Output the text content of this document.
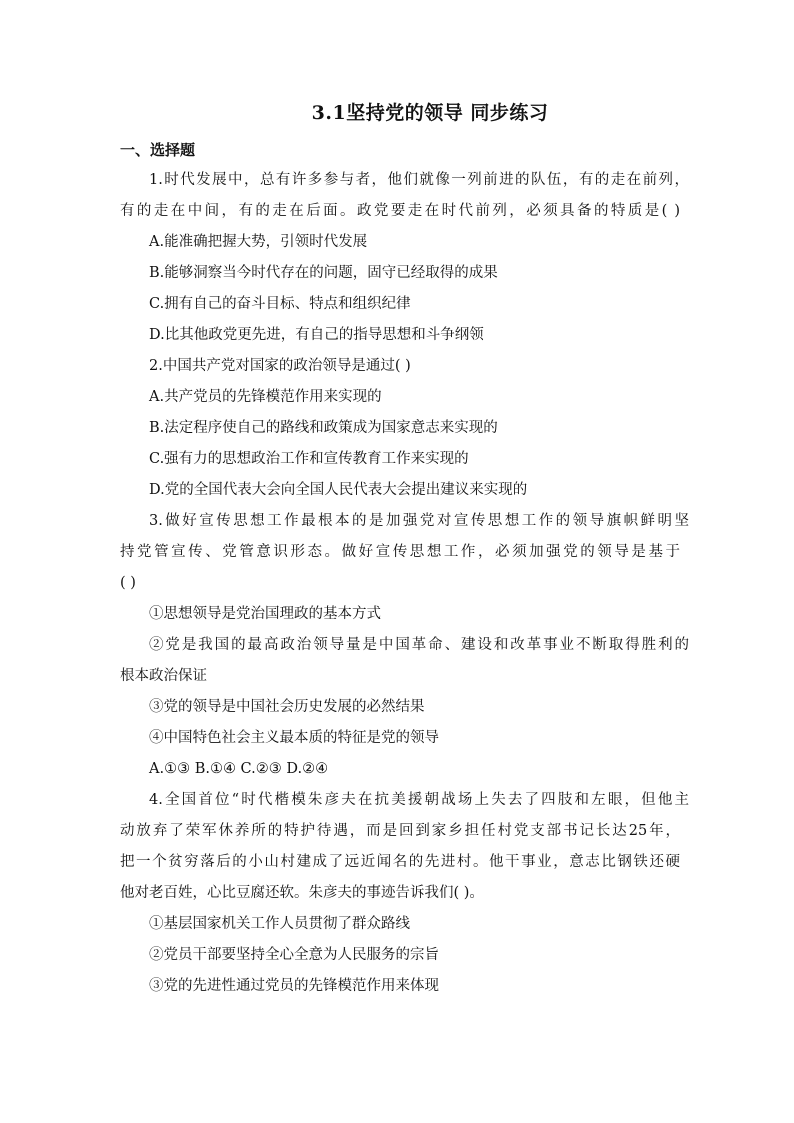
3.1坚持党的领导 同步练习
一、选择题
1.时代发展中，总有许多参与者，他们就像一列前进的队伍，有的走在前列，
有的走在中间，有的走在后面。政党要走在时代前列，必须具备的特质是( )
A.能准确把握大势，引领时代发展
B.能够洞察当今时代存在的问题，固守已经取得的成果
C.拥有自己的奋斗目标、特点和组织纪律
D.比其他政党更先进，有自己的指导思想和斗争纲领
2.中国共产党对国家的政治领导是通过( )
A.共产党员的先锋模范作用来实现的
B.法定程序使自己的路线和政策成为国家意志来实现的
C.强有力的思想政治工作和宣传教育工作来实现的
D.党的全国代表大会向全国人民代表大会提出建议来实现的
3.做好宣传思想工作最根本的是加强党对宣传思想工作的领导旗帜鲜明坚
持党管宣传、党管意识形态。做好宣传思想工作，必须加强党的领导是基于
( )
①思想领导是党治国理政的基本方式
②党是我国的最高政治领导量是中国革命、建设和改革事业不断取得胜利的
根本政治保证
③党的领导是中国社会历史发展的必然结果
④中国特色社会主义最本质的特征是党的领导
A.①③ B.①④ C.②③ D.②④
4.全国首位“时代楷模朱彦夫在抗美援朝战场上失去了四肢和左眼，但他主
动放弃了荣军休养所的特护待遇，而是回到家乡担任村党支部书记长达25年，
把一个贫穷落后的小山村建成了远近闻名的先进村。他干事业，意志比钢铁还硬
他对老百姓，心比豆腐还软。朱彦夫的事迹告诉我们( )。
①基层国家机关工作人员贯彻了群众路线
②党员干部要坚持全心全意为人民服务的宗旨
③党的先进性通过党员的先锋模范作用来体现
